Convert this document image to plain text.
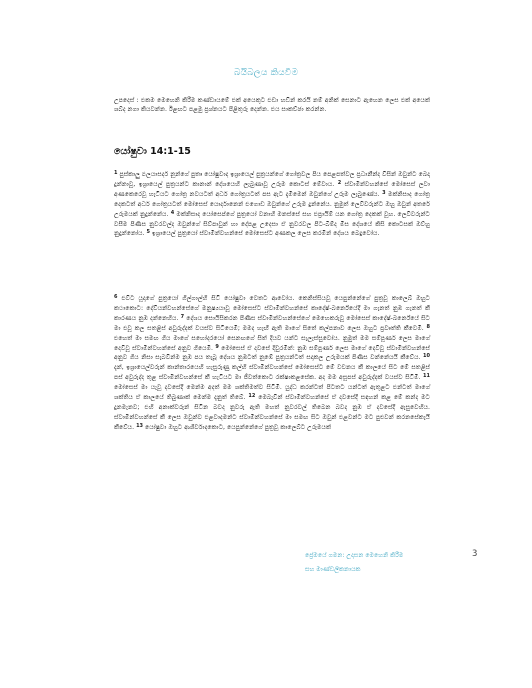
බයිබලය කියවීම

උපදෙස් : එකම මෙහෙනි කිරීම කණ්ඩායමේ එක් අයෙකුට එඩා හඩින් කරයි නම් අනික් සෙනාට ඇහෙන ලෙස එක් අයෙක් ශබ්ද නගා කියවන්න. ඊළඟට පළමු ප්‍රශ්නයට පිළිතුරු දෙන්න. එය සාකච්ඡා කරන්න.

යෝෂුවා 14:1-15

$^1$ පුස්කාලු ඵලයාසර්ද නූන්ගේ පුත්‍රු යෝෂුවාද ඉශ්‍රායෙල් පුත්‍රයන්ගේ ගෝත්‍රවල පිය පෙළපත්වල ප්‍රධානීන්ද විසින් ඔවුන්ට බෙදා දුන්නාවූ, ඉශ්‍රායෙල් පුත්‍රයන්ට කානාන් දේශයෙහි ලැබුණාවූ උරුම කොටස් මේවාය. $^2$ ස්වාමීන්වහන්සේ මෝසෙස් ලවා අණකෙරෙවූ හැටියට ගෝත්‍ර නවයටත් අර්ධ ගෝත්‍රයටත් පස ඇට දැමීමෙන් ඔවුන්ගේ උරුම ලැබුණේය. $^3$ මක්නිසාද ගෝත්‍ර දෙකටත් අර්ධ ගෝත්‍රයටත් මෝසෙස් යොර්දානෙන් එගොඩ ඔවුන්ගේ උරුම දුන්නේය. නුමුත් ලෙවීවරුන්ට ඔහු ඔවුන් අතරේ උරුමයක් නුදුන්නේය. $^4$ මක්නිසාද යෝසෙප්ගේ පුත්‍රයෝ වනාහි මනස්සේ සහ එප්‍රායිම් යන ගෝත්‍ර දෙකක් වූහ. ලෙවීවරුන්ට වසීම පිණිස නුවරවල්ද ඔවුන්ගේ සිව්පාවුන් හා දේපළ උදෙසා ඒ නුවරවල පිට-බිම්ද මිස දේශයේ කිසි කොටසක් ඔව්හු නුදුන්නෝය. $^5$ ඉශ්‍රායෙල් පුත්‍රයෝ ස්වාමීන්වහන්සේ මෝසෙස්ට අණකල ලෙස කරමින් දේශය බෙදුවෝය.

$^6$ එවිට යූදාගේ පුත්‍රයෝ ගිල්ගාල්හි සිටි යෝෂුවා වෙතට ආවෝය. කෙනිස්සියවූ යෙපුන්නේගේ පුත්‍රවූ කාලෙබ් ඔහුට කථාකොට: දේවියන්වහන්සේගේ මනුෂ්‍යයාවූ මෝසෙස්ට ස්වාමීන්වහන්සේ කාදේෂ්-බර්නේයේදී මා ගැනත් නුඹ ගැනත් කී කාරණය නුඹ දන්නෙහිය. $^7$ දේශය සොයිසිකරන පිණිස ස්වාමීන්වහන්සේගේ මෙහෙකරුවූ මෝසෙස් කාදේෂ්-බර්නේයේ සිට මා එවූ කල සතළිස් අවුරුද්දක් වයස්ව සිටියෙමි; මමද හැඟී ඇති මාගේ සිතේ කල්පනාව ලෙස ඔහුට ප්‍රවෘත්ති කීවෙමි. $^8$ එහෙත් මා සමඟ ගිය මාගේ සහෝදරයෝ සෙනඟගේ සිත් දියව යන්ට සැලැස්සුවෝය. නුමුත් මම සම්පූර්ණ ලෙස මාගේ දෙවිවූ ස්වාමීන්වහන්සේ අනුව ගියෙමි. $^9$ මෝසෙස් ඒ දවසේ දිවුරමින්: නුඹ සම්පූර්ණ ලෙස මාගේ දෙවිවූ ස්වාමීන්වහන්සේ අනුව ගිය නිසා සැබවින්ම නුඹ පය තැබූ දේශය නුඹටත් නුඹේ පුත්‍රයන්ටත් සදාකල උරුමයක් පිණිස වන්නේයයි කීවේය. $^{10}$ දැන්, ඉශ්‍රායෙල්වරුන් කාන්තාරයෙහි හැසුරුණු කල්හි ස්වාමීන්වහන්සේ මෝසෙස්ට මේ වචනය කී කාලයේ සිට මේ සතළිස් පස් අවුරුද්ද තුළ ස්වාමීන්වහන්සේ කී හැටියට මා ජීවත්කොට රක්ෂාකළසේක. අද මම අසූපස් අවුරුද්දක් වයස්ව සිටිමි. $^{11}$ මෝසෙස් මා යැවූ දවසේදී මෙන්ම අදත් මම ශක්තිමත්ව සිටිමි. යුද්ධ කරන්ටත් පිටතට යන්ටත් ඇතුළට එන්ටත් මාගේ ශක්තිය ඒ කාලයේ තිබුණාක් මෙන්ම දැනුත් තිබේ. $^{12}$ මෙබැවින් ස්වාමීන්වහන්සේ ඒ දවසේදී සඳහන් කළ මේ කන්ද මට දුනමැනව; එහි අනාක්වරුන් සිටින බවද නුවරු ඇති මහත් නුවරවල් තිබෙන බවද නුඹ ඒ දවසේදී ඇසුවෙහිය. ස්වාමීන්වහන්සේ කී ලෙස ඔවුන්ව එළවාදමන්ට ස්වාමීන්වහන්සේ මා සමඟ සිට ඔවුන් එළවන්ට මට පුළුවන් කරනසේකැයි කීවේය. $^{13}$ යෝෂුවා ඔහුට ආශීර්වාදකොට, යෙපුන්නේගේ පුත්‍රවූ කාලෙබ්ට උරුමයක්

ප්‍රේමයේ ගමන: උදාසන මෙහෙනි කිරීම
සහ මාණ්ඩලිකනායක
3
